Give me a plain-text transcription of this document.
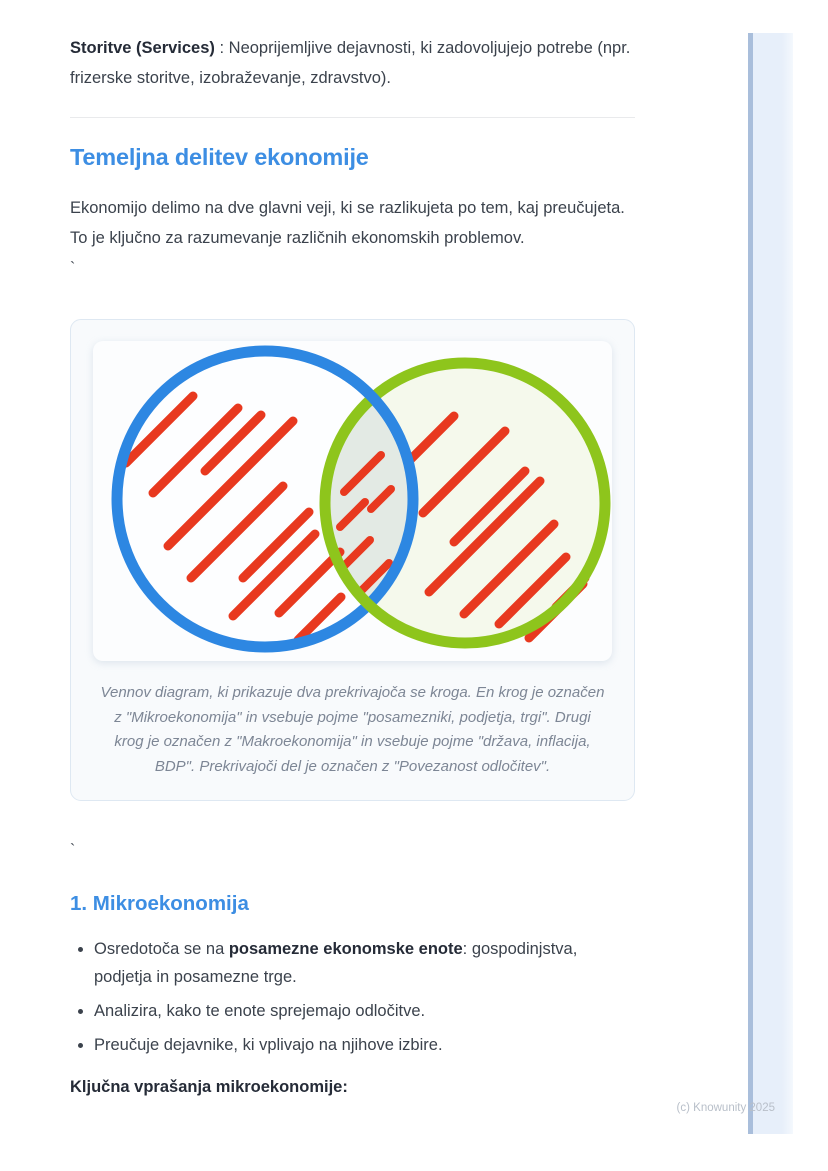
(c) Knowunity 2025

Storitve (Services) : Neoprijemljive dejavnosti, ki zadovoljujejo potrebe (npr. frizerske storitve, izobraževanje, zdravstvo).

Temeljna delitev ekonomije

Ekonomijo delimo na dve glavni veji, ki se razlikujeta po tem, kaj preučujeta. To je ključno za razumevanje različnih ekonomskih problemov.

`

Vennov diagram, ki prikazuje dva prekrivajoča se kroga. En krog je označen z "Mikroekonomija" in vsebuje pojme "posamezniki, podjetja, trgi". Drugi krog je označen z "Makroekonomija" in vsebuje pojme "država, inflacija, BDP". Prekrivajoči del je označen z "Povezanost odločitev".

`

1. Mikroekonomija
• Osredotoča se na posamezne ekonomske enote: gospodinjstva, podjetja in posamezne trge.
• Analizira, kako te enote sprejemajo odločitve.
• Preučuje dejavnike, ki vplivajo na njihove izbire.

Ključna vprašanja mikroekonomije:
